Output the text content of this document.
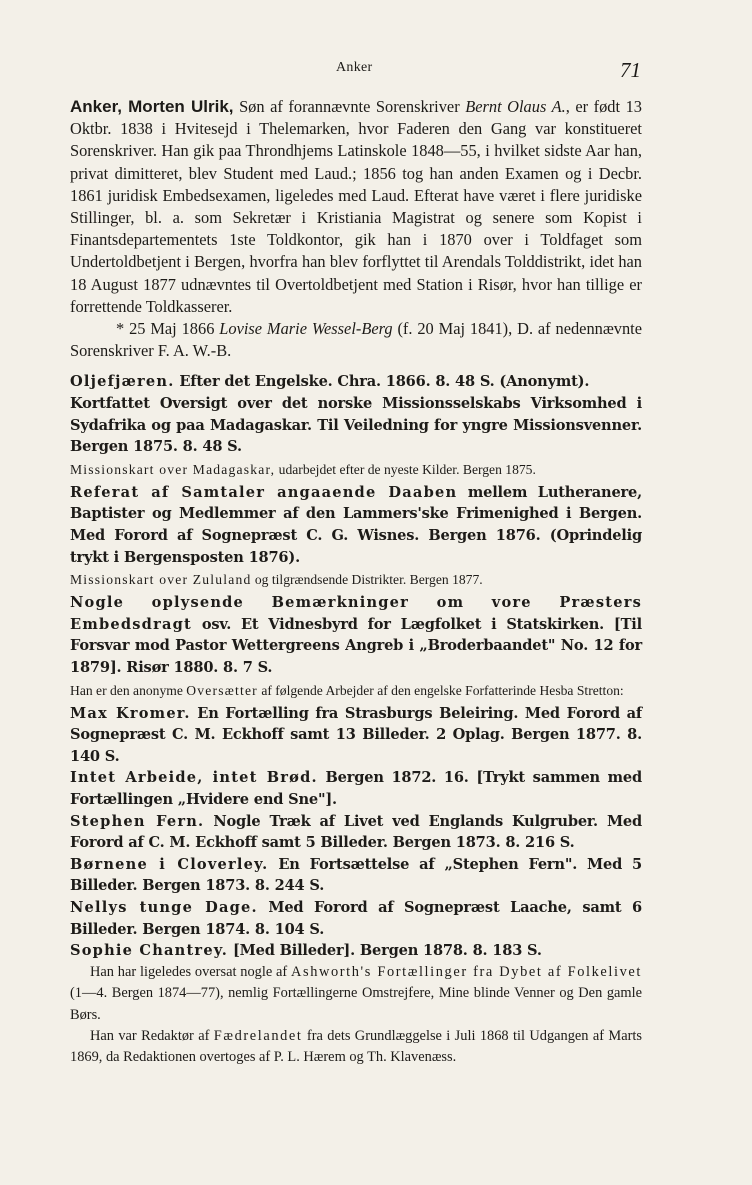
Anker	71

Anker, Morten Ulrik, Søn af forannævnte Sorenskriver Bernt Olaus A., er født 13 Oktbr. 1838 i Hvitesejd i Thelemarken, hvor Faderen den Gang var konstitueret Sorenskriver. Han gik paa Throndhjems Latinskole 1848—55, i hvilket sidste Aar han, privat dimitteret, blev Student med Laud.; 1856 tog han anden Examen og i Decbr. 1861 juridisk Embedsexamen, ligeledes med Laud. Efterat have været i flere juridiske Stillinger, bl. a. som Sekretær i Kristiania Magistrat og senere som Kopist i Finantsdepartementets 1ste Toldkontor, gik han i 1870 over i Toldfaget som Undertoldbetjent i Bergen, hvorfra han blev forflyttet til Arendals Tolddistrikt, idet han 18 August 1877 udnævntes til Overtoldbetjent med Station i Risør, hvor han tillige er forrettende Toldkasserer.

* 25 Maj 1866 Lovise Marie Wessel-Berg (f. 20 Maj 1841), D. af nedennævnte Sorenskriver F. A. W.-B.

Oljefjæren. Efter det Engelske. Chra. 1866. 8. 48 S. (Anonymt).

Kortfattet Oversigt over det norske Missionsselskabs Virksomhed i Sydafrika og paa Madagaskar. Til Veiledning for yngre Missionsvenner. Bergen 1875. 8. 48 S.

Missionskart over Madagaskar, udarbejdet efter de nyeste Kilder. Bergen 1875.

Referat af Samtaler angaaende Daaben mellem Lutheranere, Baptister og Medlemmer af den Lammers'ske Frimenighed i Bergen. Med Forord af Sognepræst C. G. Wisnes. Bergen 1876. (Oprindelig trykt i Bergensposten 1876).

Missionskart over Zululand og tilgrændsende Distrikter. Bergen 1877.

Nogle oplysende Bemærkninger om vore Præsters Embedsdragt osv. Et Vidnesbyrd for Lægfolket i Statskirken. [Til Forsvar mod Pastor Wettergreens Angreb i „Broderbaandet" No. 12 for 1879]. Risør 1880. 8. 7 S.

Han er den anonyme Oversætter af følgende Arbejder af den engelske Forfatterinde Hesba Stretton:

Max Kromer. En Fortælling fra Strasburgs Beleiring. Med Forord af Sognepræst C. M. Eckhoff samt 13 Billeder. 2 Oplag. Bergen 1877. 8. 140 S.

Intet Arbeide, intet Brød. Bergen 1872. 16. [Trykt sammen med Fortællingen „Hvidere end Sne"].

Stephen Fern. Nogle Træk af Livet ved Englands Kulgruber. Med Forord af C. M. Eckhoff samt 5 Billeder. Bergen 1873. 8. 216 S.

Børnene i Cloverley. En Fortsættelse af „Stephen Fern". Med 5 Billeder. Bergen 1873. 8. 244 S.

Nellys tunge Dage. Med Forord af Sognepræst Laache, samt 6 Billeder. Bergen 1874. 8. 104 S.

Sophie Chantrey. [Med Billeder]. Bergen 1878. 8. 183 S.

Han har ligeledes oversat nogle af Ashworth's Fortællinger fra Dybet af Folkelivet (1—4. Bergen 1874—77), nemlig Fortællingerne Omstrejfere, Mine blinde Venner og Den gamle Børs.

Han var Redaktør af Fædrelandet fra dets Grundlæggelse i Juli 1868 til Udgangen af Marts 1869, da Redaktionen overtoges af P. L. Hærem og Th. Klavenæss.
